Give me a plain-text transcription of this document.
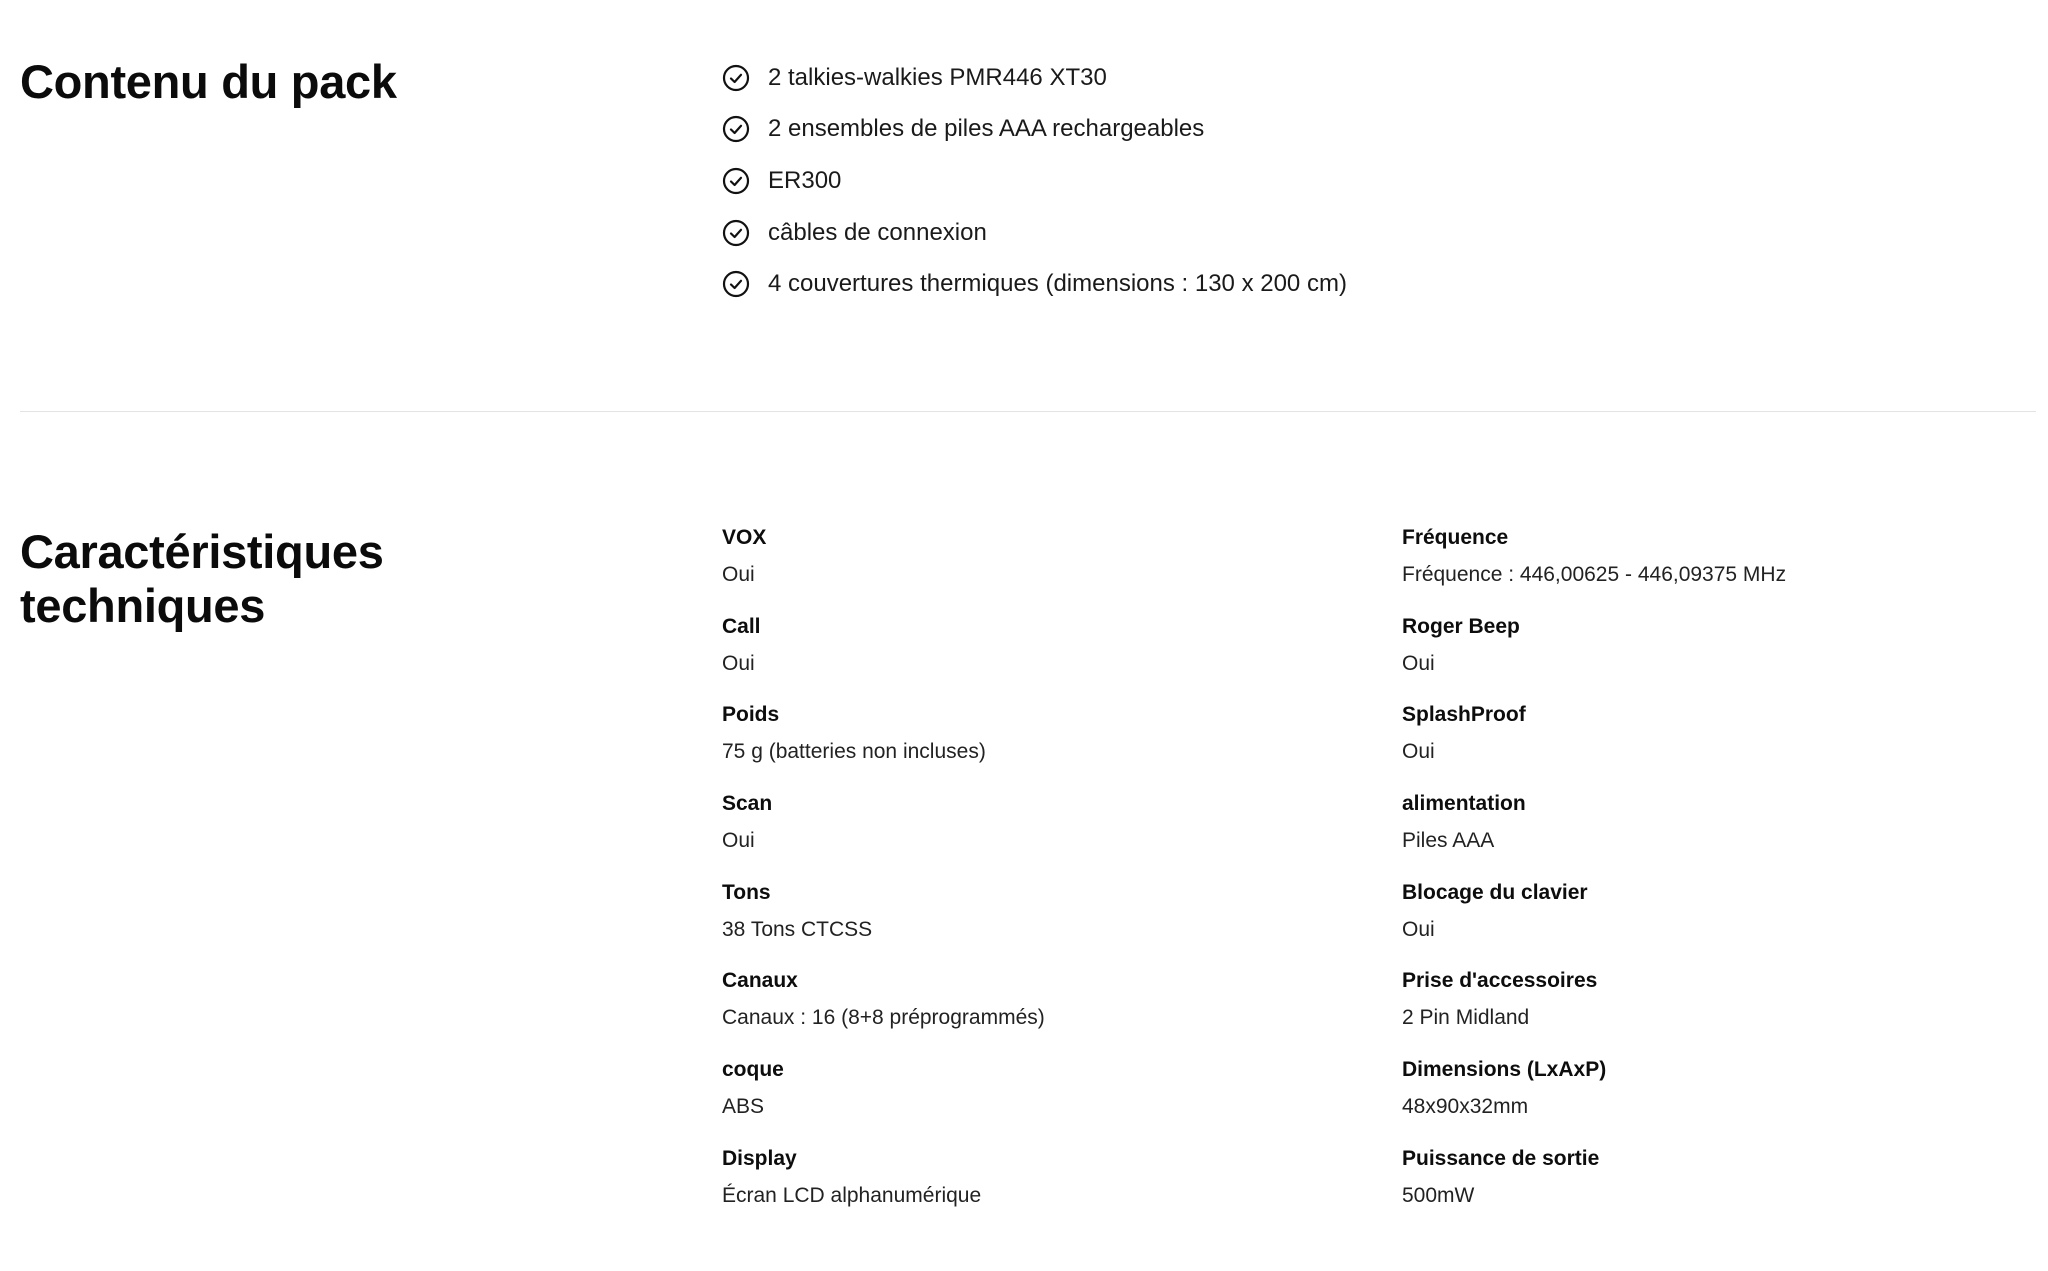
Contenu du pack	2 talkies-walkies PMR446 XT30
2 ensembles de piles AAA rechargeables
ER300
câbles de connexion
4 couvertures thermiques (dimensions : 130 x 200 cm)
Caractéristiques
techniques
VOX
Oui
Call
Oui
Poids
75 g (batteries non incluses)
Scan
Oui
Tons
38 Tons CTCSS
Canaux
Canaux : 16 (8+8 préprogrammés)
coque
ABS
Display
Écran LCD alphanumérique
Fréquence
Fréquence : 446,00625 - 446,09375 MHz
Roger Beep
Oui
SplashProof
Oui
alimentation
Piles AAA
Blocage du clavier
Oui
Prise d'accessoires
2 Pin Midland
Dimensions (LxAxP)
48x90x32mm
Puissance de sortie
500mW
